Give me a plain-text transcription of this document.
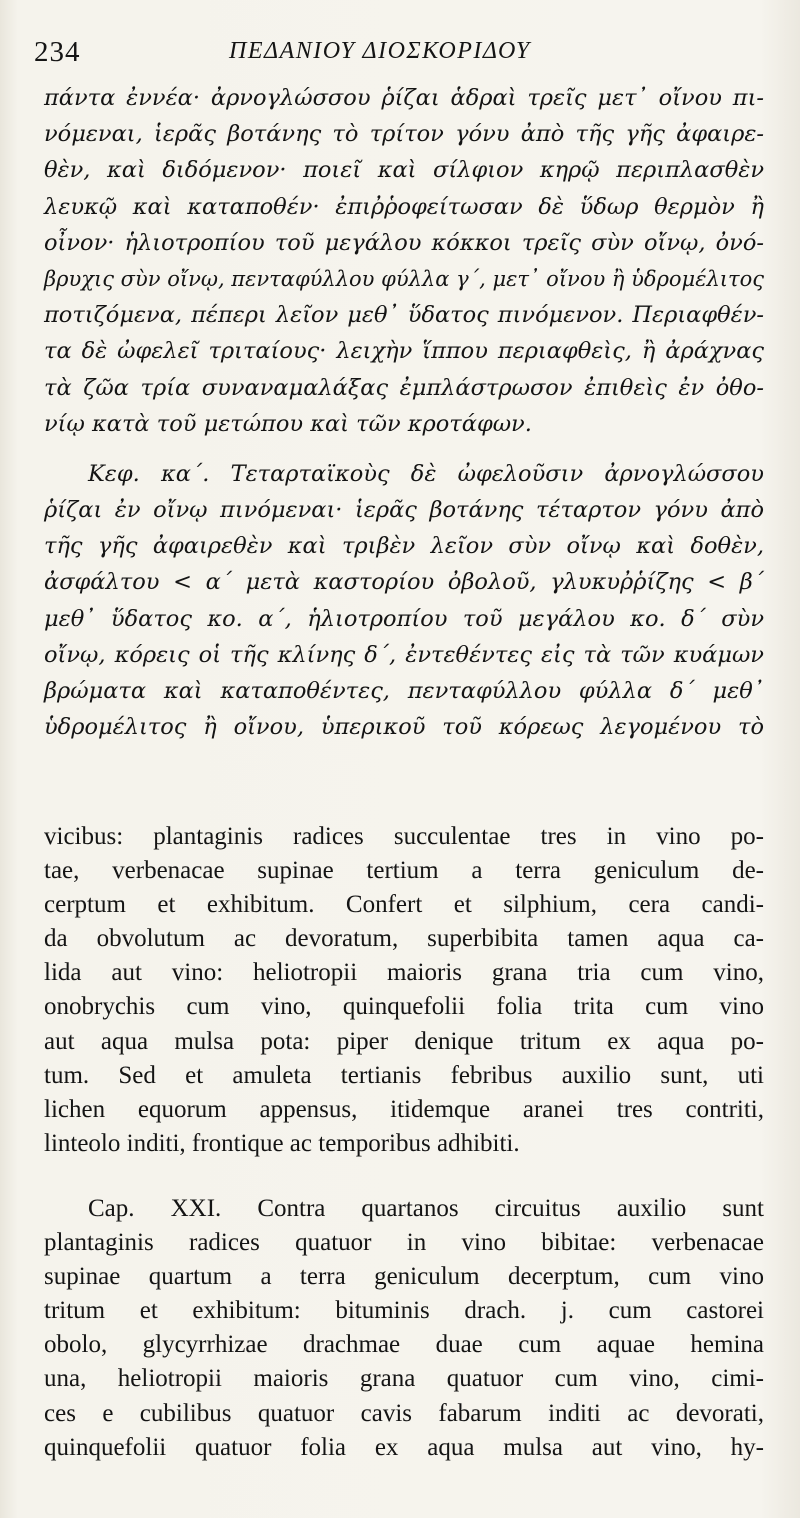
234	ΠΕΔΑΝΙΟΥ ΔΙΟΣΚΟΡΙΔΟΥ
πάντα ἐννέα· ἀρνογλώσσου ῥίζαι ἁδραὶ τρεῖς μετ᾽ οἴνου πι-
νόμεναι, ἱερᾶς βοτάνης τὸ τρίτον γόνυ ἀπὸ τῆς γῆς ἀφαιρε-
θὲν, καὶ διδόμενον· ποιεῖ καὶ σίλφιον κηρῷ περιπλασθὲν
λευκῷ καὶ καταποθέν· ἐπιῤῥοφείτωσαν δὲ ὕδωρ θερμὸν ἢ
οἶνον· ἡλιοτροπίου τοῦ μεγάλου κόκκοι τρεῖς σὺν οἴνῳ, ὀνό-
βρυχις σὺν οἴνῳ, πενταφύλλου φύλλα γ΄, μετ᾽ οἴνου ἢ ὑδρομέλιτος
ποτιζόμενα, πέπερι λεῖον μεθ᾽ ὕδατος πινόμενον. Περιαφθέν-
τα δὲ ὠφελεῖ τριταίους· λειχὴν ἵππου περιαφθεὶς, ἢ ἀράχνας
τὰ ζῶα τρία συναναμαλάξας ἐμπλάστρωσον ἐπιθεὶς ἐν ὀθο-
νίῳ κατὰ τοῦ μετώπου καὶ τῶν κροτάφων.
Κεφ. κα΄. Τεταρταϊκοὺς δὲ ὠφελοῦσιν ἀρνογλώσσου
ῥίζαι ἐν οἴνῳ πινόμεναι· ἱερᾶς βοτάνης τέταρτον γόνυ ἀπὸ
τῆς γῆς ἀφαιρεθὲν καὶ τριβὲν λεῖον σὺν οἴνῳ καὶ δοθὲν,
ἀσφάλτου < α΄ μετὰ καστορίου ὀβολοῦ, γλυκυῤῥίζης < β΄
μεθ᾽ ὕδατος κο. α΄, ἡλιοτροπίου τοῦ μεγάλου κο. δ΄ σὺν
οἴνῳ, κόρεις οἱ τῆς κλίνης δ΄, ἐντεθέντες εἰς τὰ τῶν κυάμων
βρώματα καὶ καταποθέντες, πενταφύλλου φύλλα δ΄ μεθ᾽
ὑδρομέλιτος ἢ οἴνου, ὑπερικοῦ τοῦ κόρεως λεγομένου τὸ
vicibus: plantaginis radices succulentae tres in vino po-
tae, verbenacae supinae tertium a terra geniculum de-
cerptum et exhibitum. Confert et silphium, cera candi-
da obvolutum ac devoratum, superbibita tamen aqua ca-
lida aut vino: heliotropii maioris grana tria cum vino,
onobrychis cum vino, quinquefolii folia trita cum vino
aut aqua mulsa pota: piper denique tritum ex aqua po-
tum. Sed et amuleta tertianis febribus auxilio sunt, uti
lichen equorum appensus, itidemque aranei tres contriti,
linteolo inditi, frontique ac temporibus adhibiti.
Cap. XXI. Contra quartanos circuitus auxilio sunt
plantaginis radices quatuor in vino bibitae: verbenacae
supinae quartum a terra geniculum decerptum, cum vino
tritum et exhibitum: bituminis drach. j. cum castorei
obolo, glycyrrhizae drachmae duae cum aquae hemina
una, heliotropii maioris grana quatuor cum vino, cimi-
ces e cubilibus quatuor cavis fabarum inditi ac devorati,
quinquefolii quatuor folia ex aqua mulsa aut vino, hy-
